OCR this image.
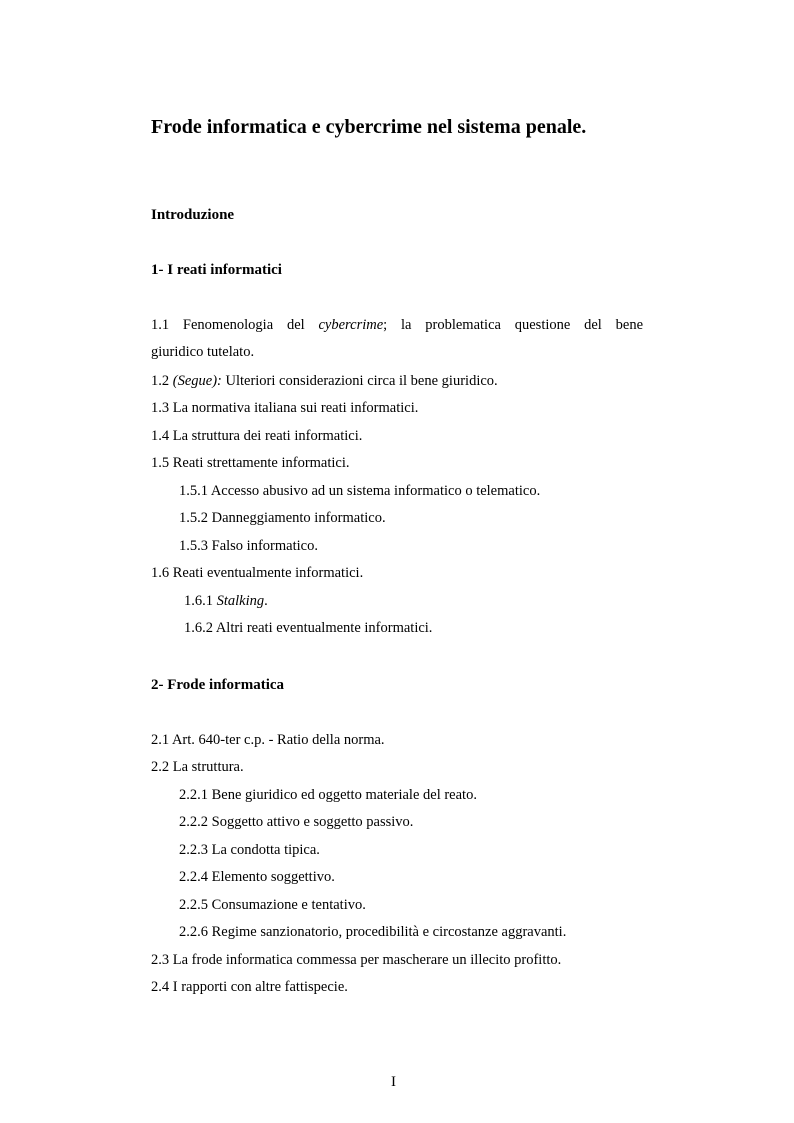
Frode informatica e cybercrime nel sistema penale.

Introduzione

1- I reati informatici

1.1 Fenomenologia del cybercrime; la problematica questione del bene
giuridico tutelato.

1.2 (Segue): Ulteriori considerazioni circa il bene giuridico.

1.3 La normativa italiana sui reati informatici.

1.4 La struttura dei reati informatici.

1.5 Reati strettamente informatici.

1.5.1 Accesso abusivo ad un sistema informatico o telematico.

1.5.2 Danneggiamento informatico.

1.5.3 Falso informatico.

1.6 Reati eventualmente informatici.

1.6.1 Stalking.

1.6.2 Altri reati eventualmente informatici.

2- Frode informatica

2.1 Art. 640-ter c.p. - Ratio della norma.

2.2 La struttura.

2.2.1 Bene giuridico ed oggetto materiale del reato.

2.2.2 Soggetto attivo e soggetto passivo.

2.2.3 La condotta tipica.

2.2.4 Elemento soggettivo.

2.2.5 Consumazione e tentativo.

2.2.6 Regime sanzionatorio, procedibilità e circostanze aggravanti.

2.3 La frode informatica commessa per mascherare un illecito profitto.

2.4 I rapporti con altre fattispecie.

I
